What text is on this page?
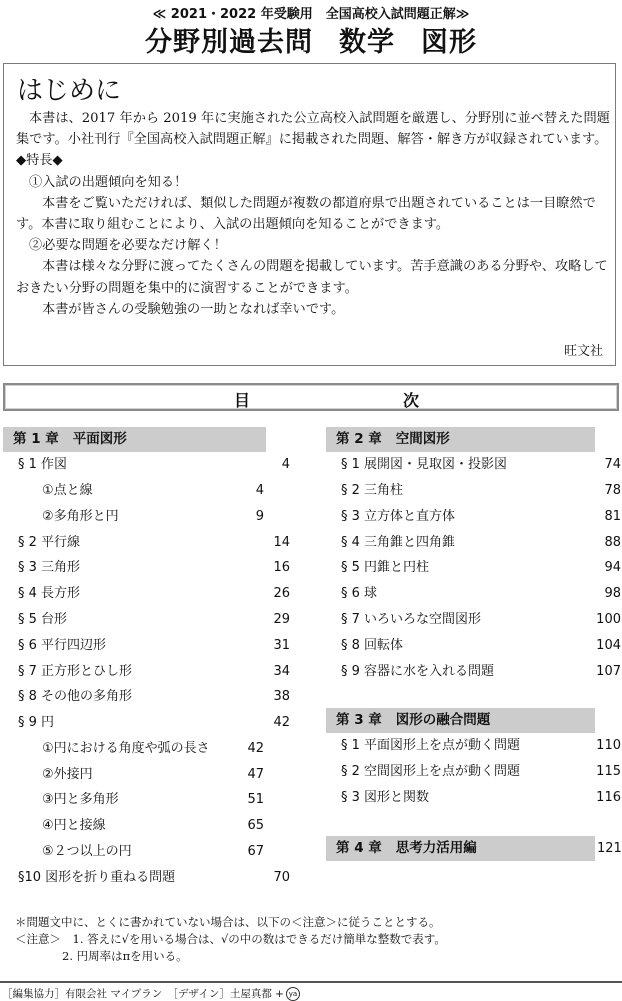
≪ 2021・2022 年受験用　全国高校入試問題正解≫
分野別過去問 数学 図形
はじめに

本書は、2017 年から 2019 年に実施された公立高校入試問題を厳選し、分野別に並べ替えた問題集です。小社刊行『全国高校入試問題正解』に掲載された問題、解答・解き方が収録されています。

◆特長◆

①入試の出題傾向を知る！

本書をご覧いただければ、類似した問題が複数の都道府県で出題されていることは一目瞭然です。本書に取り組むことにより、入試の出題傾向を知ることができます。

②必要な問題を必要なだけ解く！

本書は様々な分野に渡ってたくさんの問題を掲載しています。苦手意識のある分野や、攻略しておきたい分野の問題を集中的に演習することができます。

本書が皆さんの受験勉強の一助となれば幸いです。

旺文社
目	次
第 1 章 平面図形
§ 1 作図	4
①点と線	4
②多角形と円	9
§ 2 平行線	14
§ 3 三角形	16
§ 4 長方形	26
§ 5 台形	29
§ 6 平行四辺形	31
§ 7 正方形とひし形	34
§ 8 その他の多角形	38
§ 9 円	42
①円における角度や弧の長さ	42
②外接円	47
③円と多角形	51
④円と接線	65
⑤２つ以上の円	67
§10 図形を折り重ねる問題	70
第 2 章 空間図形
§ 1 展開図・見取図・投影図	74
§ 2 三角柱	78
§ 3 立方体と直方体	81
§ 4 三角錐と四角錐	88
§ 5 円錐と円柱	94
§ 6 球	98
§ 7 いろいろな空間図形	100
§ 8 回転体	104
§ 9 容器に水を入れる問題	107
第 3 章 図形の融合問題
§ 1 平面図形上を点が動く問題	110
§ 2 空間図形上を点が動く問題	115
§ 3 図形と関数	116
第 4 章 思考力活用編	121
＊問題文中に、とくに書かれていない場合は、以下の＜注意＞に従うこととする。
＜注意＞　1. 答えに√を用いる場合は、√の中の数はできるだけ簡単な整数で表す。
2. 円周率はπを用いる。
［編集協力］有限会社 マイプラン　［デザイン］土屋真都 + ya
